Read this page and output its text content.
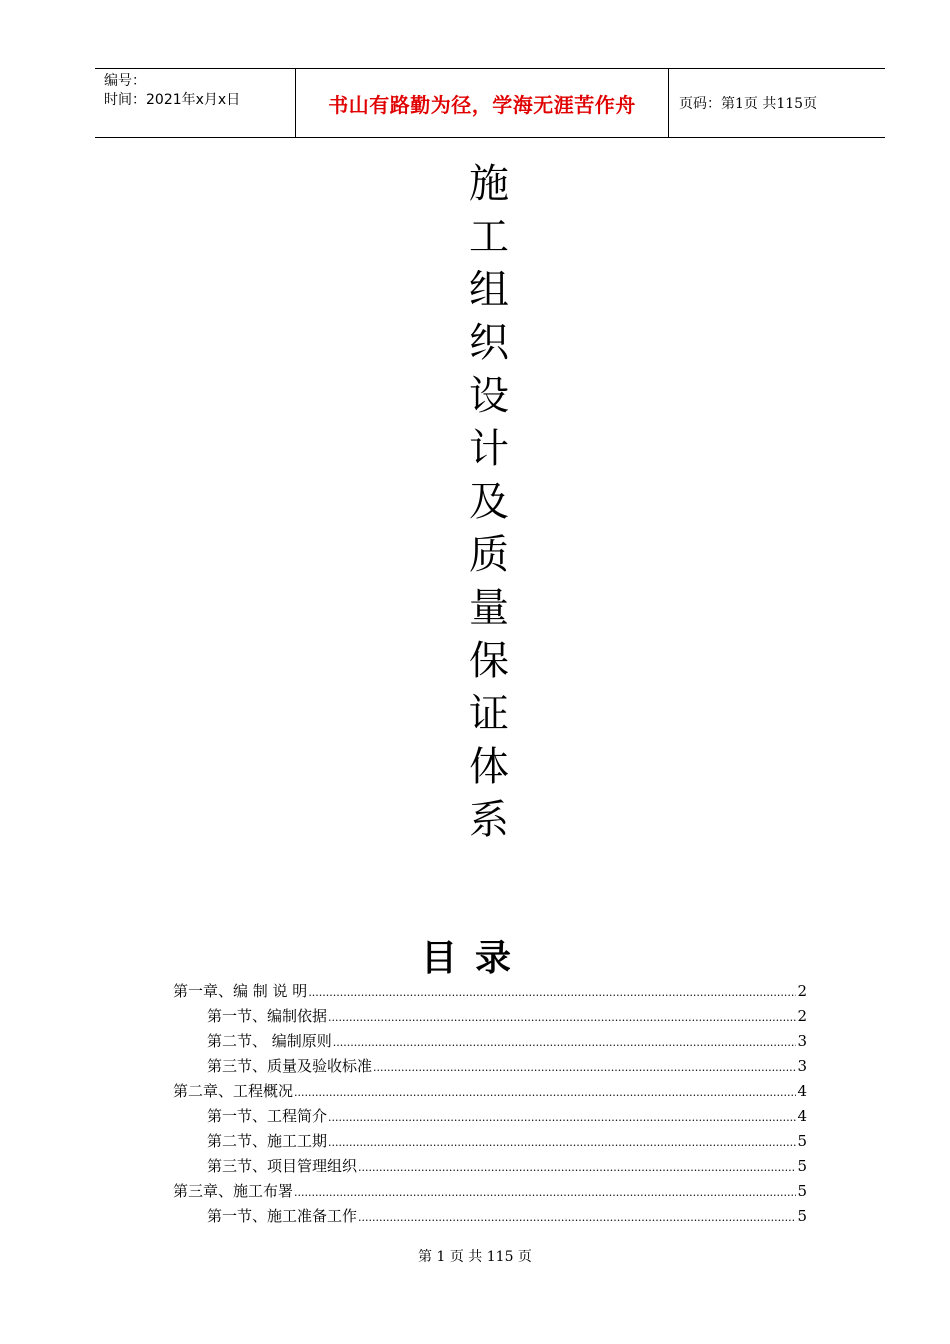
编号：
时间：2021年x月x日	书山有路勤为径，学海无涯苦作舟	页码：第1页 共115页
施
工
组
织
设
计
及
质
量
保
证
体
系
目录
第一章、编 制 说 明 .....	2
第一节、编制依据 .....	2
第二节、 编制原则 .....	3
第三节、质量及验收标准 .....	3
第二章、工程概况 .....	4
第一节、工程简介 .....	4
第二节、施工工期 .....	5
第三节、项目管理组织 .....	5
第三章、施工布署 .....	5
第一节、施工准备工作 .....	5
第 1 页 共 115 页
